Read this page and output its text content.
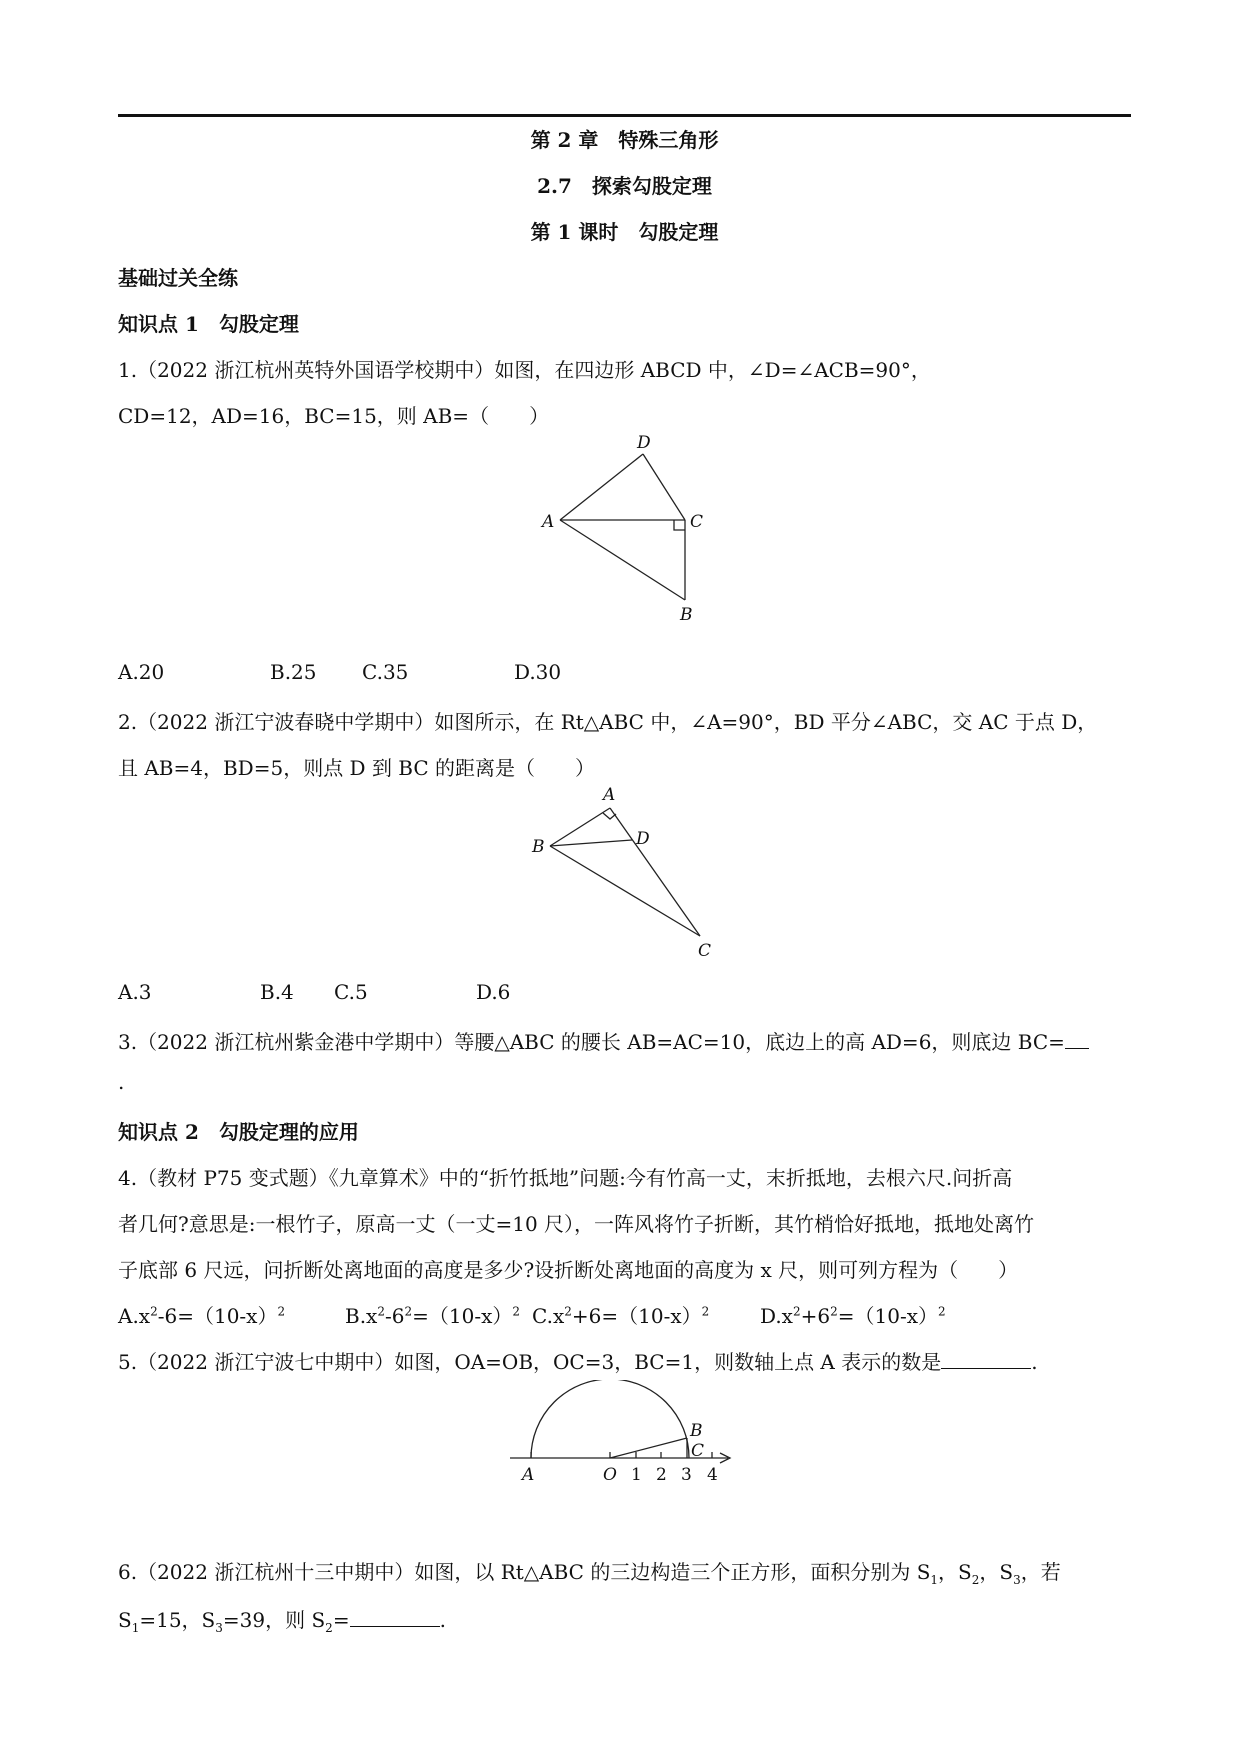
第 2 章　特殊三角形
2.7　探索勾股定理
第 1 课时　勾股定理
基础过关全练
知识点 1　勾股定理
1.（2022 浙江杭州英特外国语学校期中）如图，在四边形 ABCD 中，∠D=∠ACB=90°，
CD=12，AD=16，BC=15，则 AB=（　　）
D
A	C
B
A.20	B.25 C.35	D.30
2.（2022 浙江宁波春晓中学期中）如图所示，在 Rt△ABC 中，∠A=90°，BD 平分∠ABC，交 AC 于点 D，
且 AB=4，BD=5，则点 D 到 BC 的距离是（　　）
A
B	D
C
A.3	B.4 C.5	D.6
3.（2022 浙江杭州紫金港中学期中）等腰△ABC 的腰长 AB=AC=10，底边上的高 AD=6，则底边 BC=
.
知识点 2　勾股定理的应用
4.（教材 P75 变式题）《九章算术》中的“折竹抵地”问题:今有竹高一丈，末折抵地，去根六尺.问折高
者几何?意思是:一根竹子，原高一丈（一丈=10 尺），一阵风将竹子折断，其竹梢恰好抵地，抵地处离竹
子底部 6 尺远，问折断处离地面的高度是多少?设折断处离地面的高度为 x 尺，则可列方程为（　　）
$A.x^2-6=(10-x)^2$	$B.x^2-6^2=(10-x)^2$ $C.x^2+6=(10-x)^2$	$D.x^2+6^2=(10-x)^2$
5.（2022 浙江宁波七中期中）如图，OA=OB，OC=3，BC=1，则数轴上点 A 表示的数是	.
A	O 1 2 3 4
B
C
6.（2022 浙江杭州十三中期中）如图，以 Rt△ABC 的三边构造三个正方形，面积分别为 $S_1$，$S_2$，$S_3$，若
$S_1=15$，$S_3=39$，则 $S_2=$	.
